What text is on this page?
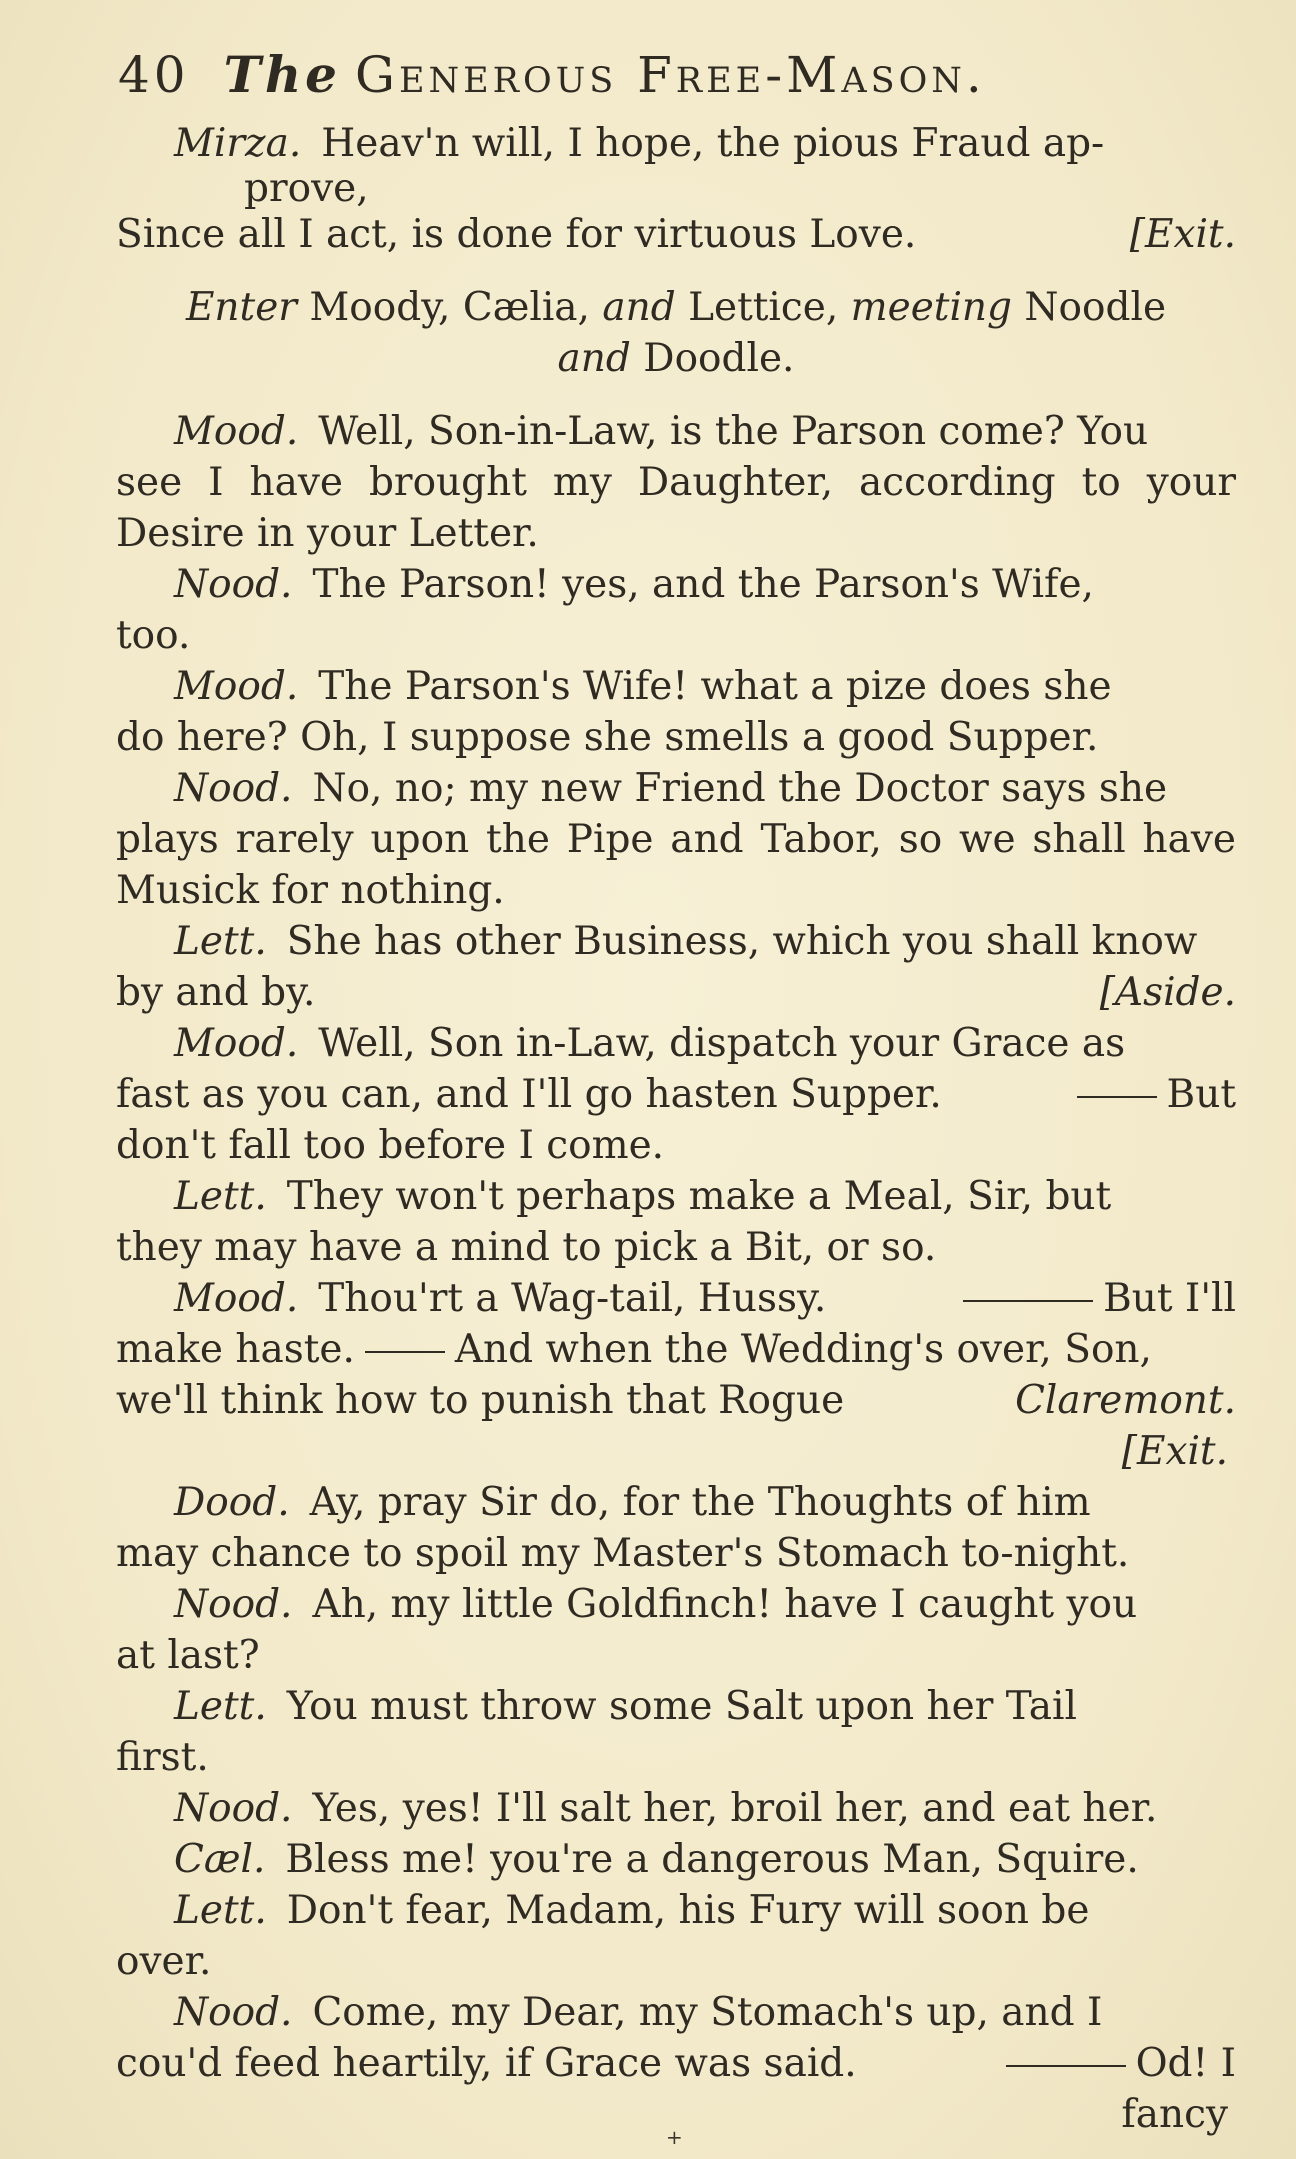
40 The Generous Free-Mason.
Mirza. Heav'n will, I hope, the pious Fraud ap-
prove,
Since all I act, is done for virtuous Love.	[Exit.
Enter Moody, Cælia, and Lettice, meeting Noodle
and Doodle.
Mood. Well, Son-in-Law, is the Parson come? You
see I have brought my Daughter, according to your
Desire in your Letter.
Nood. The Parson! yes, and the Parson's Wife,
too.
Mood. The Parson's Wife! what a pize does she
do here? Oh, I suppose she smells a good Supper.
Nood. No, no; my new Friend the Doctor says she
plays rarely upon the Pipe and Tabor, so we shall have
Musick for nothing.
Lett. She has other Business, which you shall know
by and by.	[Aside.
Mood. Well, Son in-Law, dispatch your Grace as
fast as you can, and I'll go hasten Supper.	But
don't fall too before I come.
Lett. They won't perhaps make a Meal, Sir, but
they may have a mind to pick a Bit, or so.
Mood. Thou'rt a Wag-tail, Hussy.	But I'll
make haste.	And when the Wedding's over, Son,
we'll think how to punish that Rogue	Claremont.
[Exit.
Dood. Ay, pray Sir do, for the Thoughts of him
may chance to spoil my Master's Stomach to-night.
Nood. Ah, my little Goldfinch! have I caught you
at last?
Lett. You must throw some Salt upon her Tail
first.
Nood. Yes, yes! I'll salt her, broil her, and eat her.
Cæl. Bless me! you're a dangerous Man, Squire.
Lett. Don't fear, Madam, his Fury will soon be
over.
Nood. Come, my Dear, my Stomach's up, and I
cou'd feed heartily, if Grace was said.	Od! I
fancy
+
